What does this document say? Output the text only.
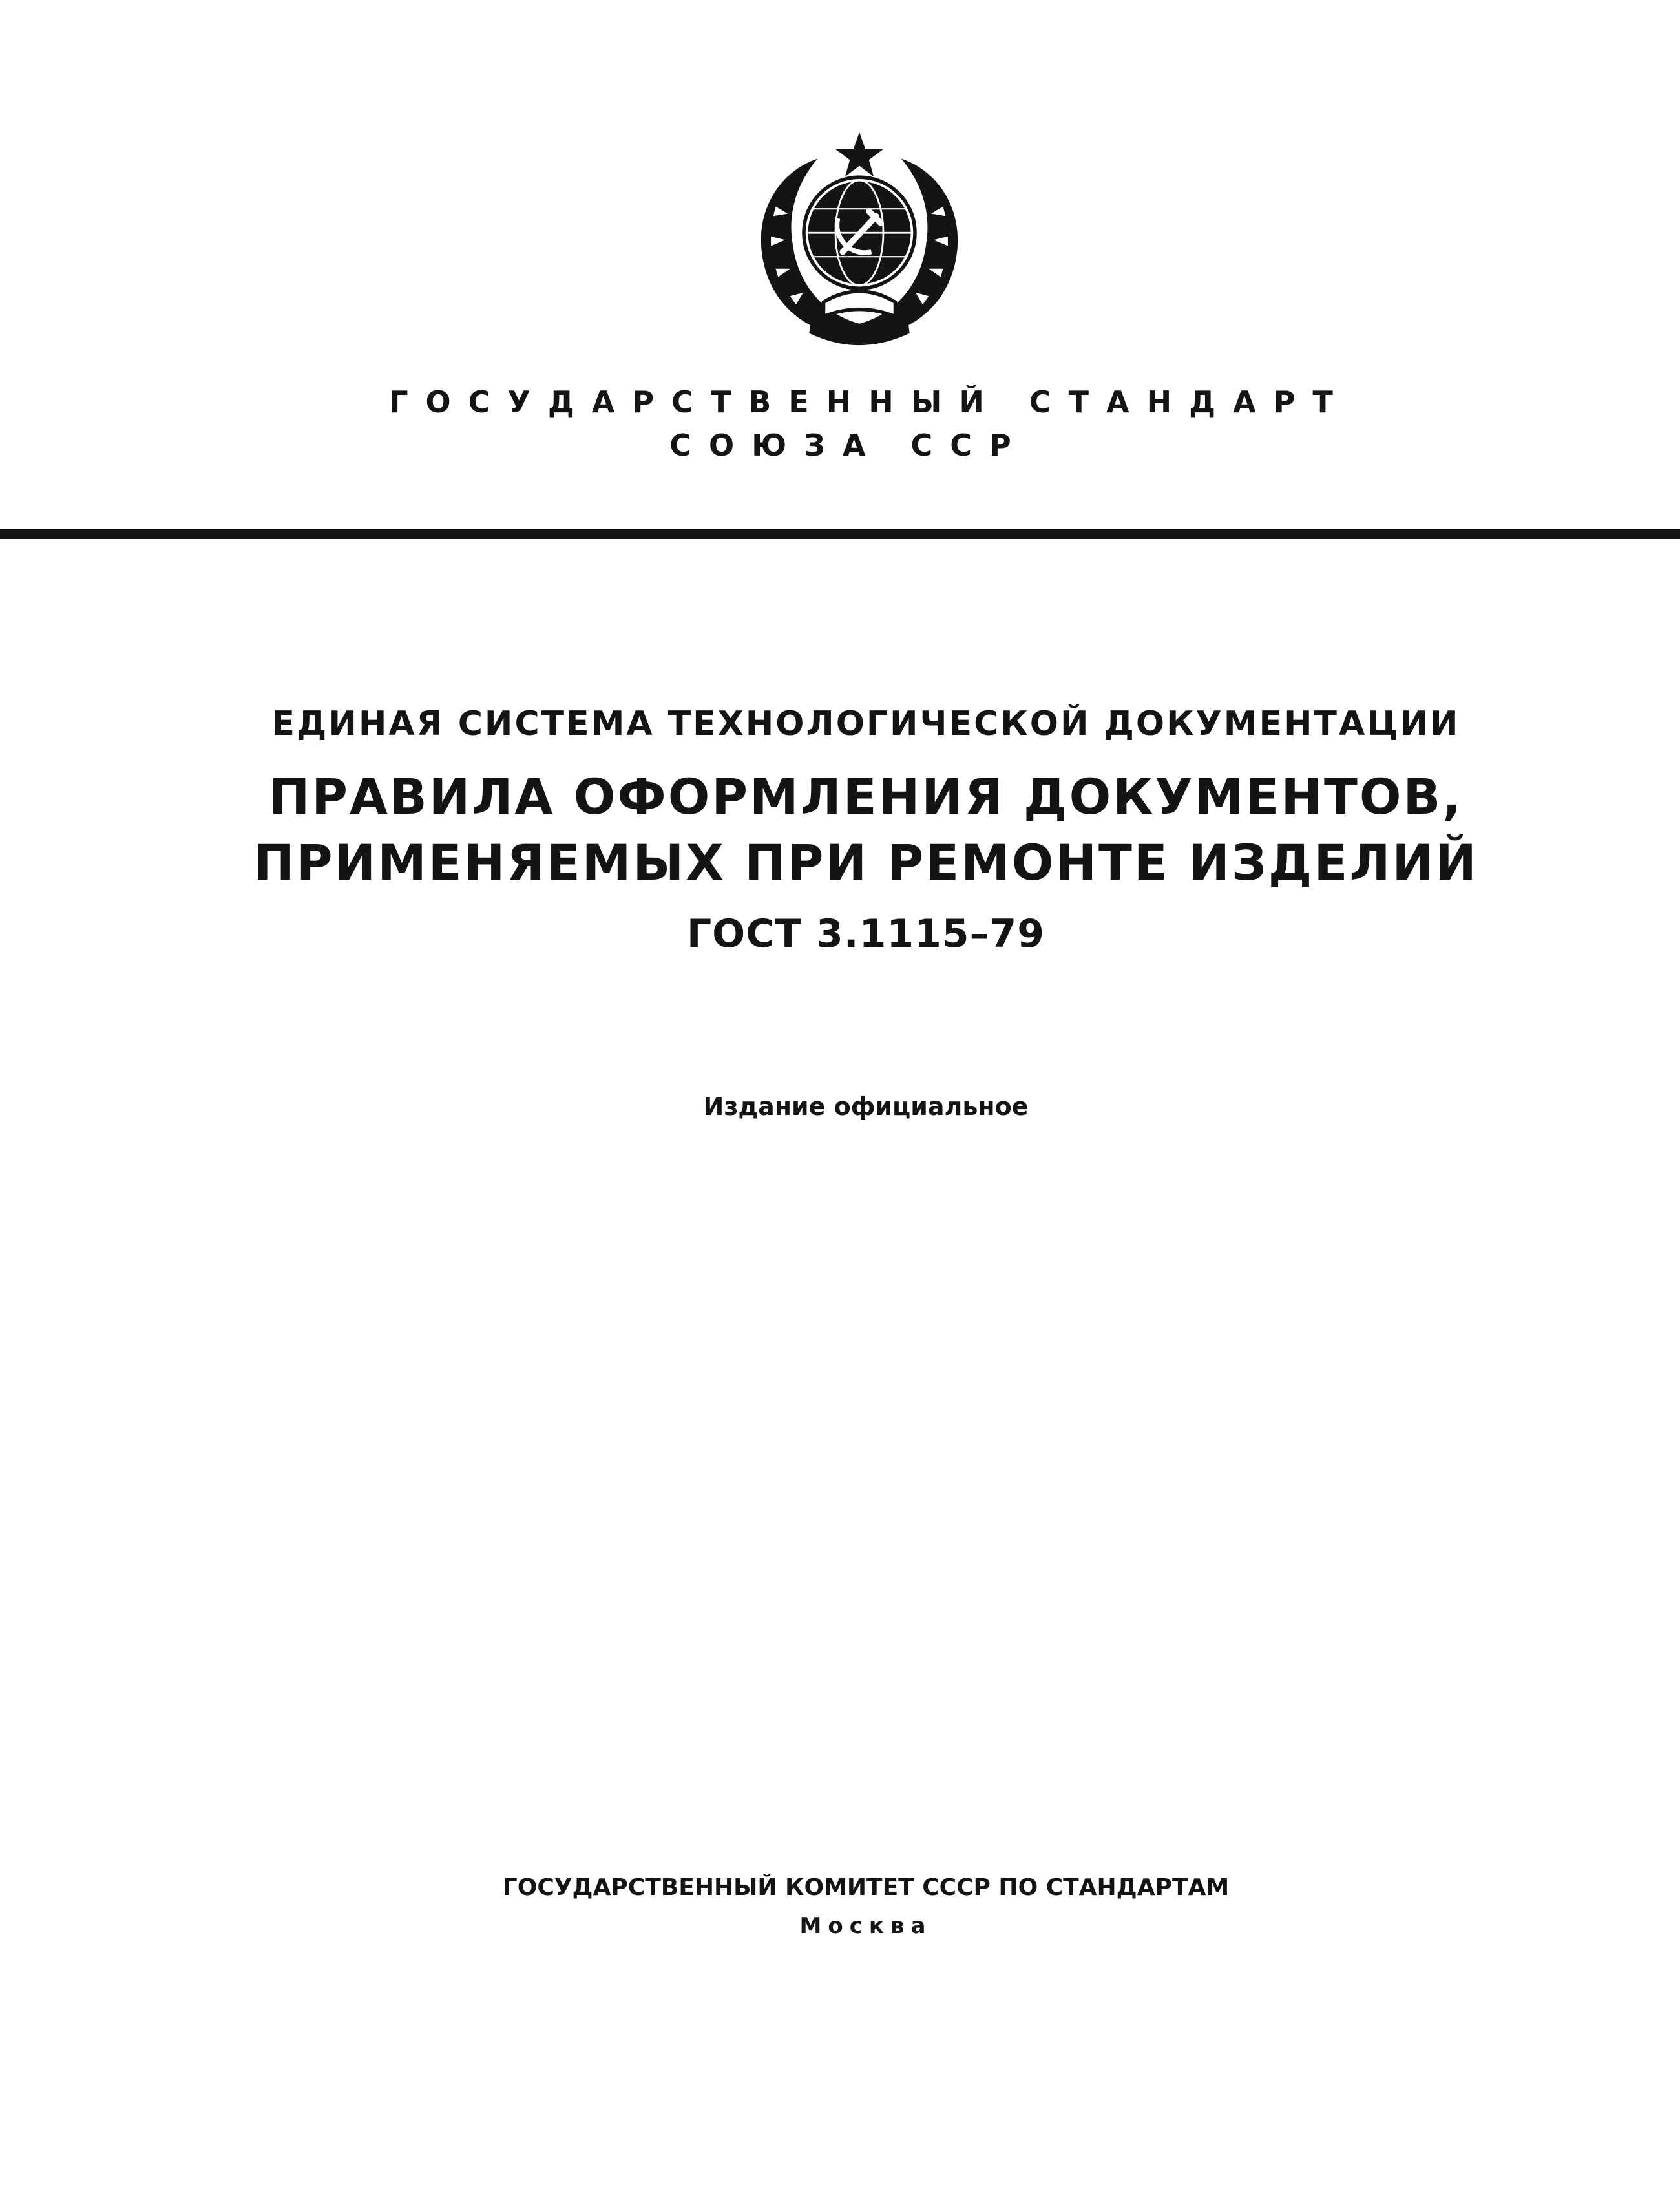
ГОСУДАРСТВЕННЫЙ СТАНДАРТ
СОЮЗА ССР
ЕДИНАЯ СИСТЕМА ТЕХНОЛОГИЧЕСКОЙ ДОКУМЕНТАЦИИ
ПРАВИЛА ОФОРМЛЕНИЯ ДОКУМЕНТОВ,
ПРИМЕНЯЕМЫХ ПРИ РЕМОНТЕ ИЗДЕЛИЙ
ГОСТ 3.1115–79
Издание официальное
ГОСУДАРСТВЕННЫЙ КОМИТЕТ СССР ПО СТАНДАРТАМ
Москва
